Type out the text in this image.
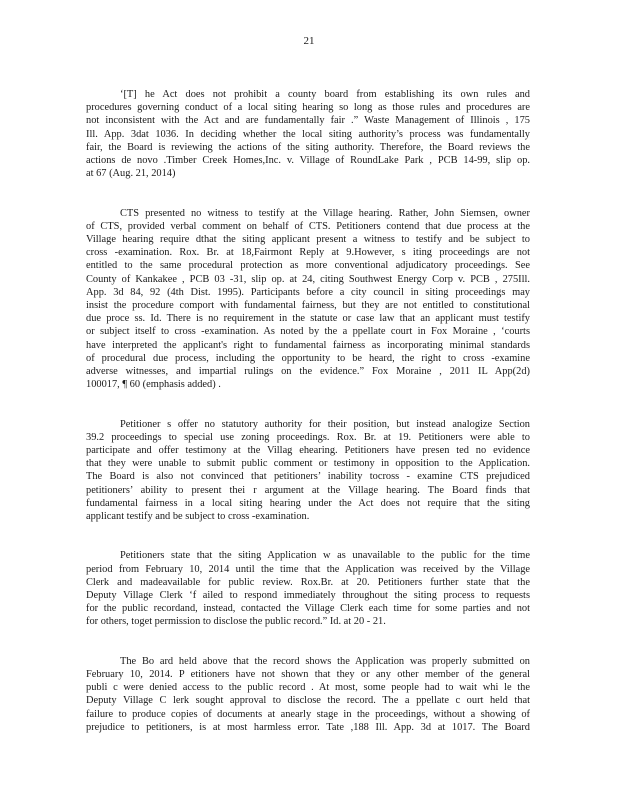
21
‘[T] he Act does not prohibit a county board from establishing its own rules and
procedures governing conduct of a local siting hearing so long as those rules and procedures are
not inconsistent with the Act and are fundamentally fair .” Waste Management of Illinois , 175
Ill. App. 3dat 1036. In deciding whether the local siting authority’s process was fundamentally
fair, the Board is reviewing the actions of the siting authority. Therefore, the Board reviews the
actions de novo .Timber Creek Homes,Inc. v. Village of RoundLake Park , PCB 14-99, slip op.
at 67 (Aug. 21, 2014)
CTS presented no witness to testify at the Village hearing. Rather, John Siemsen, owner
of CTS, provided verbal comment on behalf of CTS. Petitioners contend that due process at the
Village hearing require dthat the siting applicant present a witness to testify and be subject to
cross -examination. Rox. Br. at 18,Fairmont Reply at 9.However, s iting proceedings are not
entitled to the same procedural protection as more conventional adjudicatory proceedings. See
County of Kankakee , PCB 03 -31, slip op. at 24, citing Southwest Energy Corp v. PCB , 275Ill.
App. 3d 84, 92 (4th Dist. 1995). Participants before a city council in siting proceedings may
insist the procedure comport with fundamental fairness, but they are not entitled to constitutional
due proce ss. Id. There is no requirement in the statute or case law that an applicant must testify
or subject itself to cross -examination. As noted by the a ppellate court in Fox Moraine , ‘courts
have interpreted the applicant's right to fundamental fairness as incorporating minimal standards
of procedural due process, including the opportunity to be heard, the right to cross -examine
adverse witnesses, and impartial rulings on the evidence.” Fox Moraine , 2011 IL App(2d)
100017, ¶ 60 (emphasis added) .
Petitioner s offer no statutory authority for their position, but instead analogize Section
39.2 proceedings to special use zoning proceedings. Rox. Br. at 19. Petitioners were able to
participate and offer testimony at the Villag ehearing. Petitioners have presen ted no evidence
that they were unable to submit public comment or testimony in opposition to the Application.
The Board is also not convinced that petitioners’ inability tocross - examine CTS prejudiced
petitioners’ ability to present thei r argument at the Village hearing. The Board finds that
fundamental fairness in a local siting hearing under the Act does not require that the siting
applicant testify and be subject to cross -examination.
Petitioners state that the siting Application w as unavailable to the public for the time
period from February 10, 2014 until the time that the Application was received by the Village
Clerk and madeavailable for public review. Rox.Br. at 20. Petitioners further state that the
Deputy Village Clerk ‘f ailed to respond immediately throughout the siting process to requests
for the public recordand, instead, contacted the Village Clerk each time for some parties and not
for others, toget permission to disclose the public record.” Id. at 20 - 21.
The Bo ard held above that the record shows the Application was properly submitted on
February 10, 2014. P etitioners have not shown that they or any other member of the general
publi c were denied access to the public record . At most, some people had to wait whi le the
Deputy Village C lerk sought approval to disclose the record. The a ppellate c ourt held that
failure to produce copies of documents at anearly stage in the proceedings, without a showing of
prejudice to petitioners, is at most harmless error. Tate ,188 Ill. App. 3d at 1017. The Board
